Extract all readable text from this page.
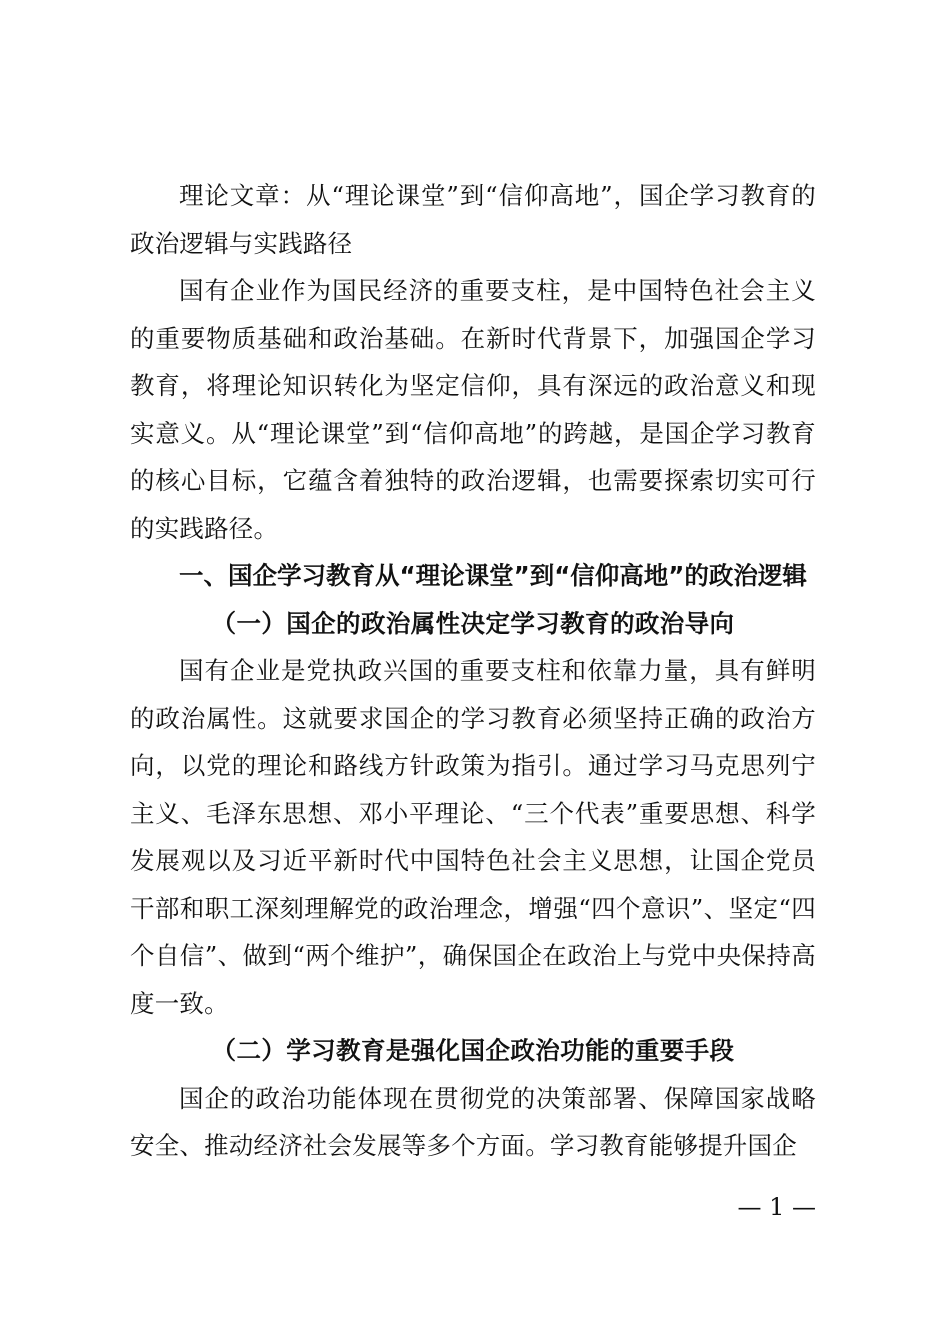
理论文章：从“理论课堂”到“信仰高地”，国企学习教育的政治逻辑与实践路径

国有企业作为国民经济的重要支柱，是中国特色社会主义的重要物质基础和政治基础。在新时代背景下，加强国企学习教育，将理论知识转化为坚定信仰，具有深远的政治意义和现实意义。从“理论课堂”到“信仰高地”的跨越，是国企学习教育的核心目标，它蕴含着独特的政治逻辑，也需要探索切实可行的实践路径。

一、国企学习教育从“理论课堂”到“信仰高地”的政治逻辑

（一）国企的政治属性决定学习教育的政治导向

国有企业是党执政兴国的重要支柱和依靠力量，具有鲜明的政治属性。这就要求国企的学习教育必须坚持正确的政治方向，以党的理论和路线方针政策为指引。通过学习马克思列宁主义、毛泽东思想、邓小平理论、“三个代表”重要思想、科学发展观以及习近平新时代中国特色社会主义思想，让国企党员干部和职工深刻理解党的政治理念，增强“四个意识”、坚定“四个自信”、做到“两个维护”，确保国企在政治上与党中央保持高度一致。

（二）学习教育是强化国企政治功能的重要手段

国企的政治功能体现在贯彻党的决策部署、保障国家战略安全、推动经济社会发展等多个方面。学习教育能够提升国企

— 1 —
